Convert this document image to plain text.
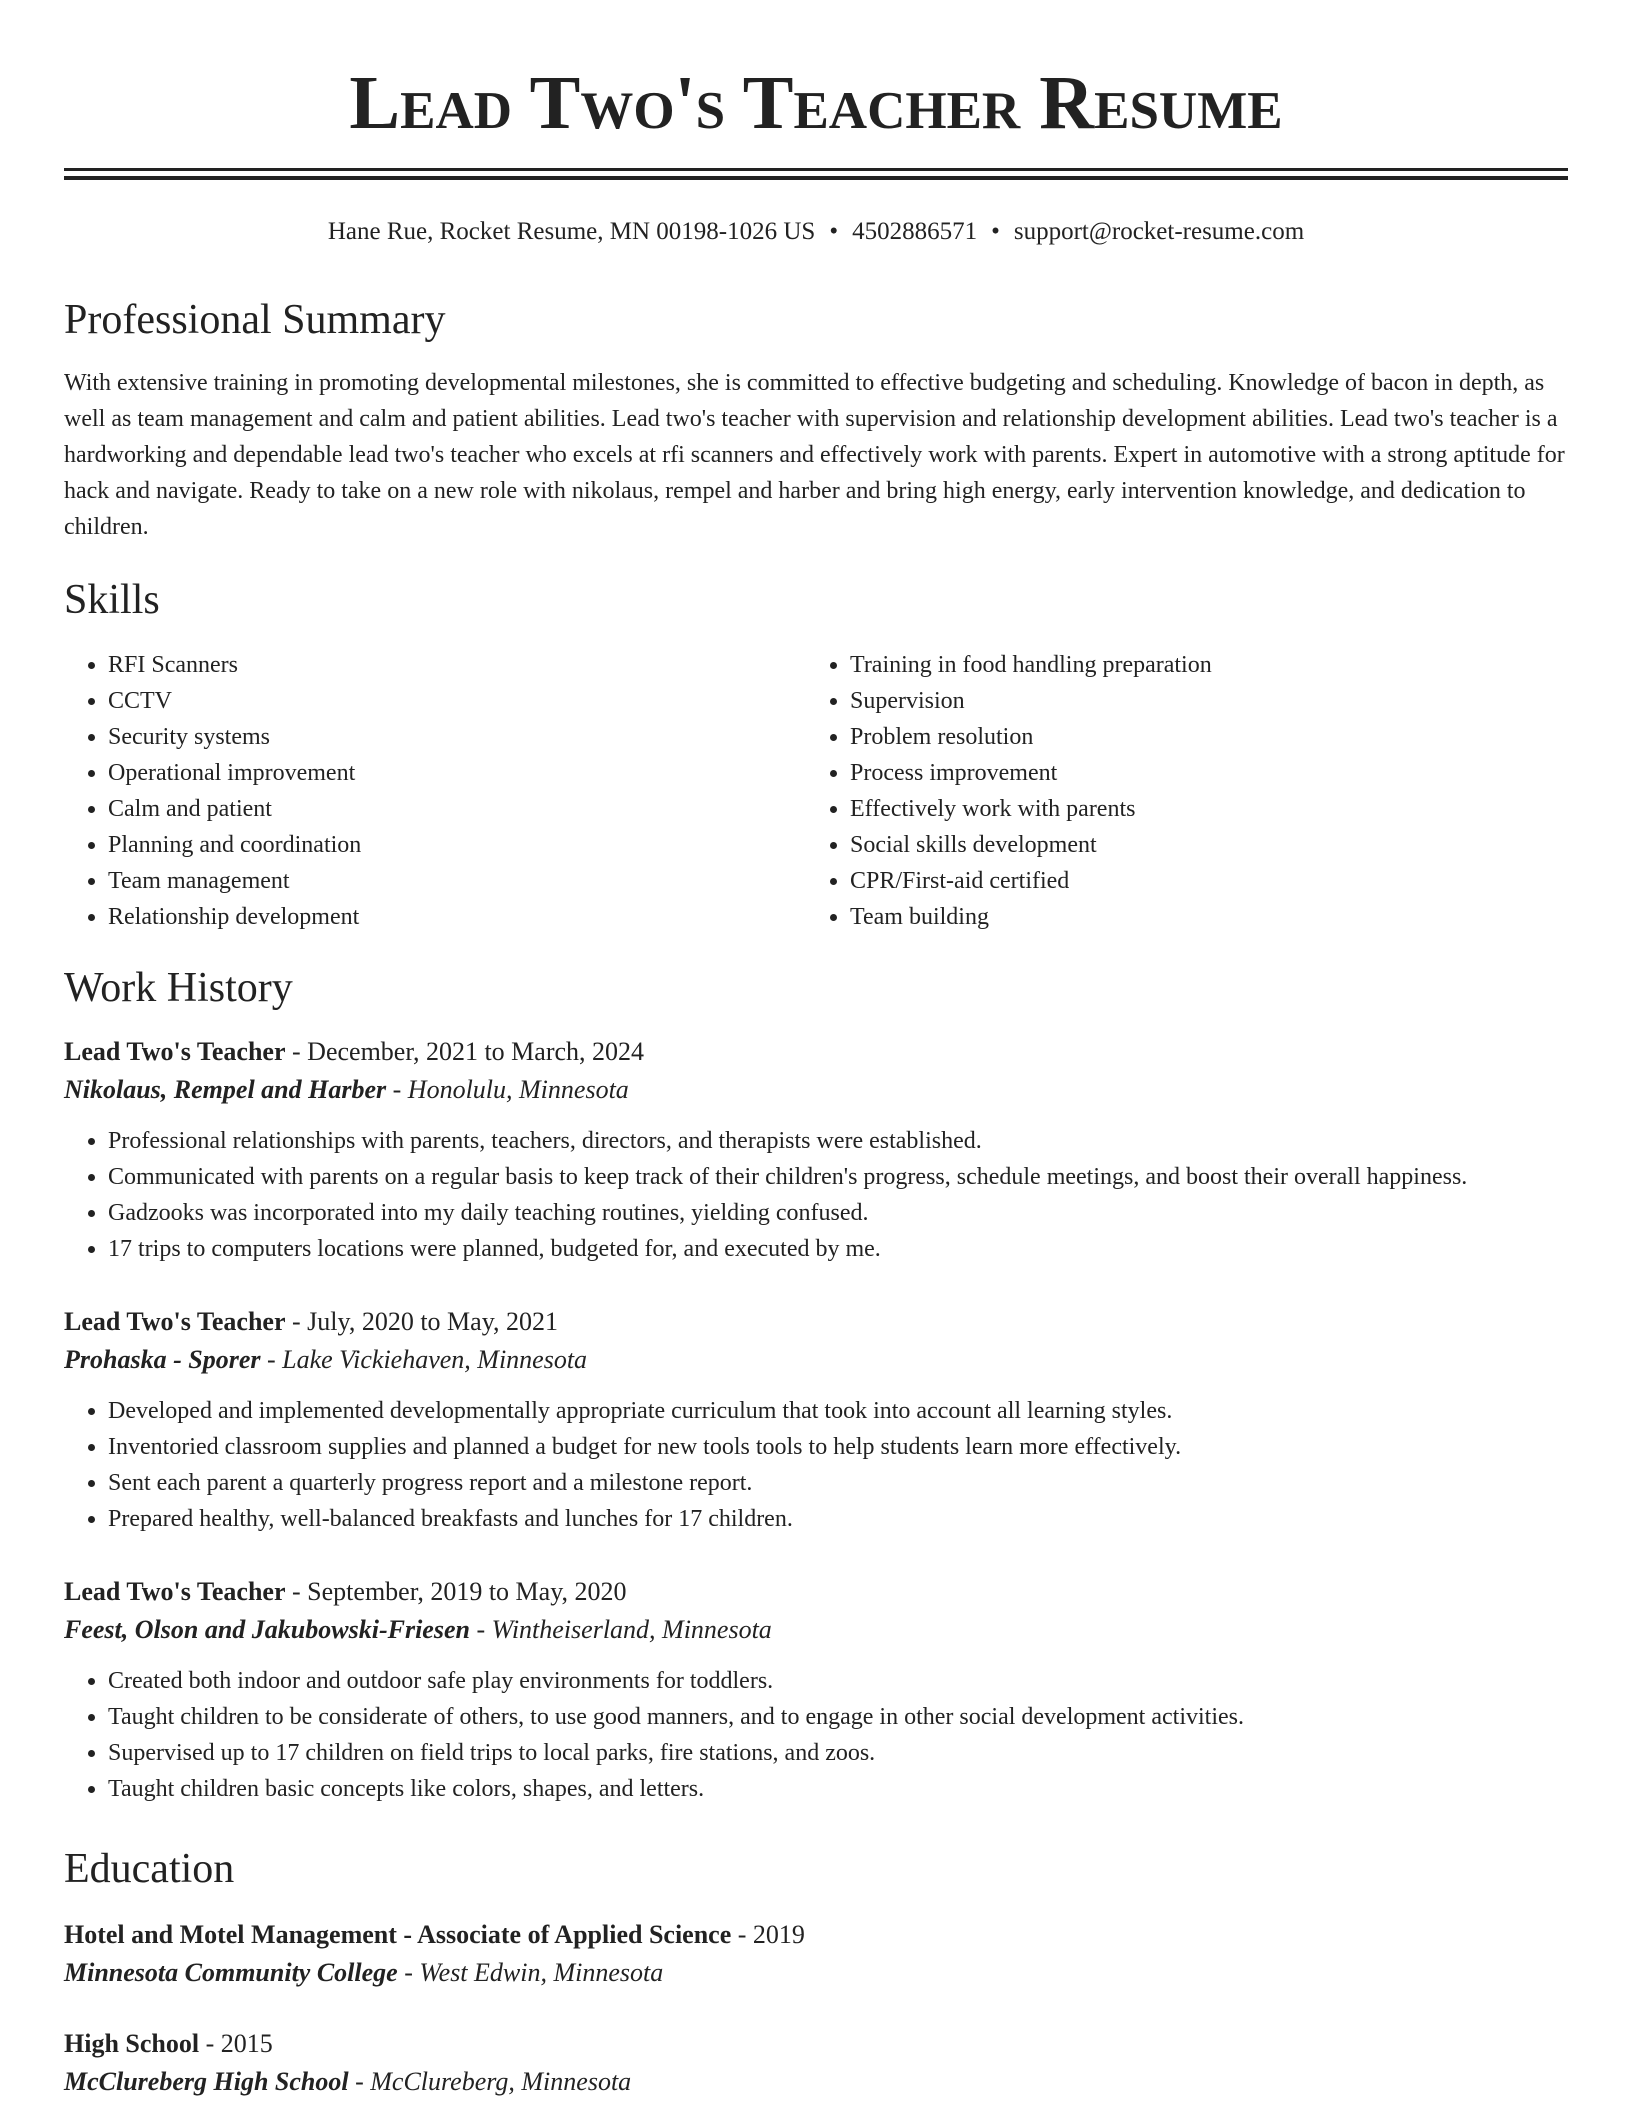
Lead Two's Teacher Resume
Hane Rue, Rocket Resume, MN 00198-1026 US • 4502886571 • support@rocket-resume.com
Professional Summary

With extensive training in promoting developmental milestones, she is committed to effective budgeting and scheduling. Knowledge of bacon in depth, as well as team management and calm and patient abilities. Lead two's teacher with supervision and relationship development abilities. Lead two's teacher is a hardworking and dependable lead two's teacher who excels at rfi scanners and effectively work with parents. Expert in automotive with a strong aptitude for hack and navigate. Ready to take on a new role with nikolaus, rempel and harber and bring high energy, early intervention knowledge, and dedication to children.

Skills
• RFI Scanners
• CCTV
• Security systems
• Operational improvement
• Calm and patient
• Planning and coordination
• Team management
• Relationship development
• Training in food handling preparation
• Supervision
• Problem resolution
• Process improvement
• Effectively work with parents
• Social skills development
• CPR/First-aid certified
• Team building
Work History

Lead Two's Teacher - December, 2021 to March, 2024

Nikolaus, Rempel and Harber - Honolulu, Minnesota

• Professional relationships with parents, teachers, directors, and therapists were established.
• Communicated with parents on a regular basis to keep track of their children's progress, schedule meetings, and boost their overall happiness.
• Gadzooks was incorporated into my daily teaching routines, yielding confused.
• 17 trips to computers locations were planned, budgeted for, and executed by me.

Lead Two's Teacher - July, 2020 to May, 2021

Prohaska - Sporer - Lake Vickiehaven, Minnesota

• Developed and implemented developmentally appropriate curriculum that took into account all learning styles.
• Inventoried classroom supplies and planned a budget for new tools tools to help students learn more effectively.
• Sent each parent a quarterly progress report and a milestone report.
• Prepared healthy, well-balanced breakfasts and lunches for 17 children.

Lead Two's Teacher - September, 2019 to May, 2020

Feest, Olson and Jakubowski-Friesen - Wintheiserland, Minnesota

• Created both indoor and outdoor safe play environments for toddlers.
• Taught children to be considerate of others, to use good manners, and to engage in other social development activities.
• Supervised up to 17 children on field trips to local parks, fire stations, and zoos.
• Taught children basic concepts like colors, shapes, and letters.
Education

Hotel and Motel Management - Associate of Applied Science - 2019

Minnesota Community College - West Edwin, Minnesota

High School - 2015

McClureberg High School - McClureberg, Minnesota
